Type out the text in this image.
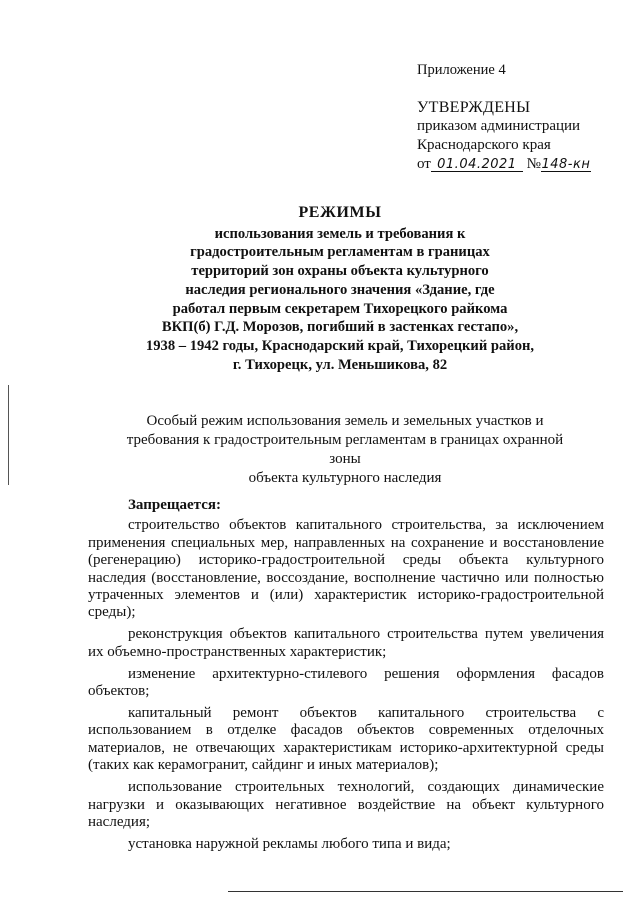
Приложение 4
УТВЕРЖДЕНЫ
приказом администрации
Краснодарского края
от 01.04.2021 №148-кн
РЕЖИМЫ
использования земель и требования к
градостроительным регламентам в границах
территорий зон охраны объекта культурного
наследия регионального значения «Здание, где
работал первым секретарем Тихорецкого райкома
ВКП(б) Г.Д. Морозов, погибший в застенках гестапо»,
1938 – 1942 годы, Краснодарский край, Тихорецкий район,
г. Тихорецк, ул. Меньшикова, 82
Особый режим использования земель и земельных участков и
требования к градостроительным регламентам в границах охранной зоны
объекта культурного наследия
Запрещается:

строительство объектов капитального строительства, за исключением применения специальных мер, направленных на сохранение и восстановление (регенерацию) историко-градостроительной среды объекта культурного наследия (восстановление, воссоздание, восполнение частично или полностью утраченных элементов и (или) характеристик историко-градостроительной среды);

реконструкция объектов капитального строительства путем увеличения их объемно-пространственных характеристик;

изменение архитектурно-стилевого решения оформления фасадов объектов;

капитальный ремонт объектов капитального строительства с использованием в отделке фасадов объектов современных отделочных материалов, не отвечающих характеристикам историко-архитектурной среды (таких как керамогранит, сайдинг и иных материалов);

использование строительных технологий, создающих динамические нагрузки и оказывающих негативное воздействие на объект культурного наследия;

установка наружной рекламы любого типа и вида;
